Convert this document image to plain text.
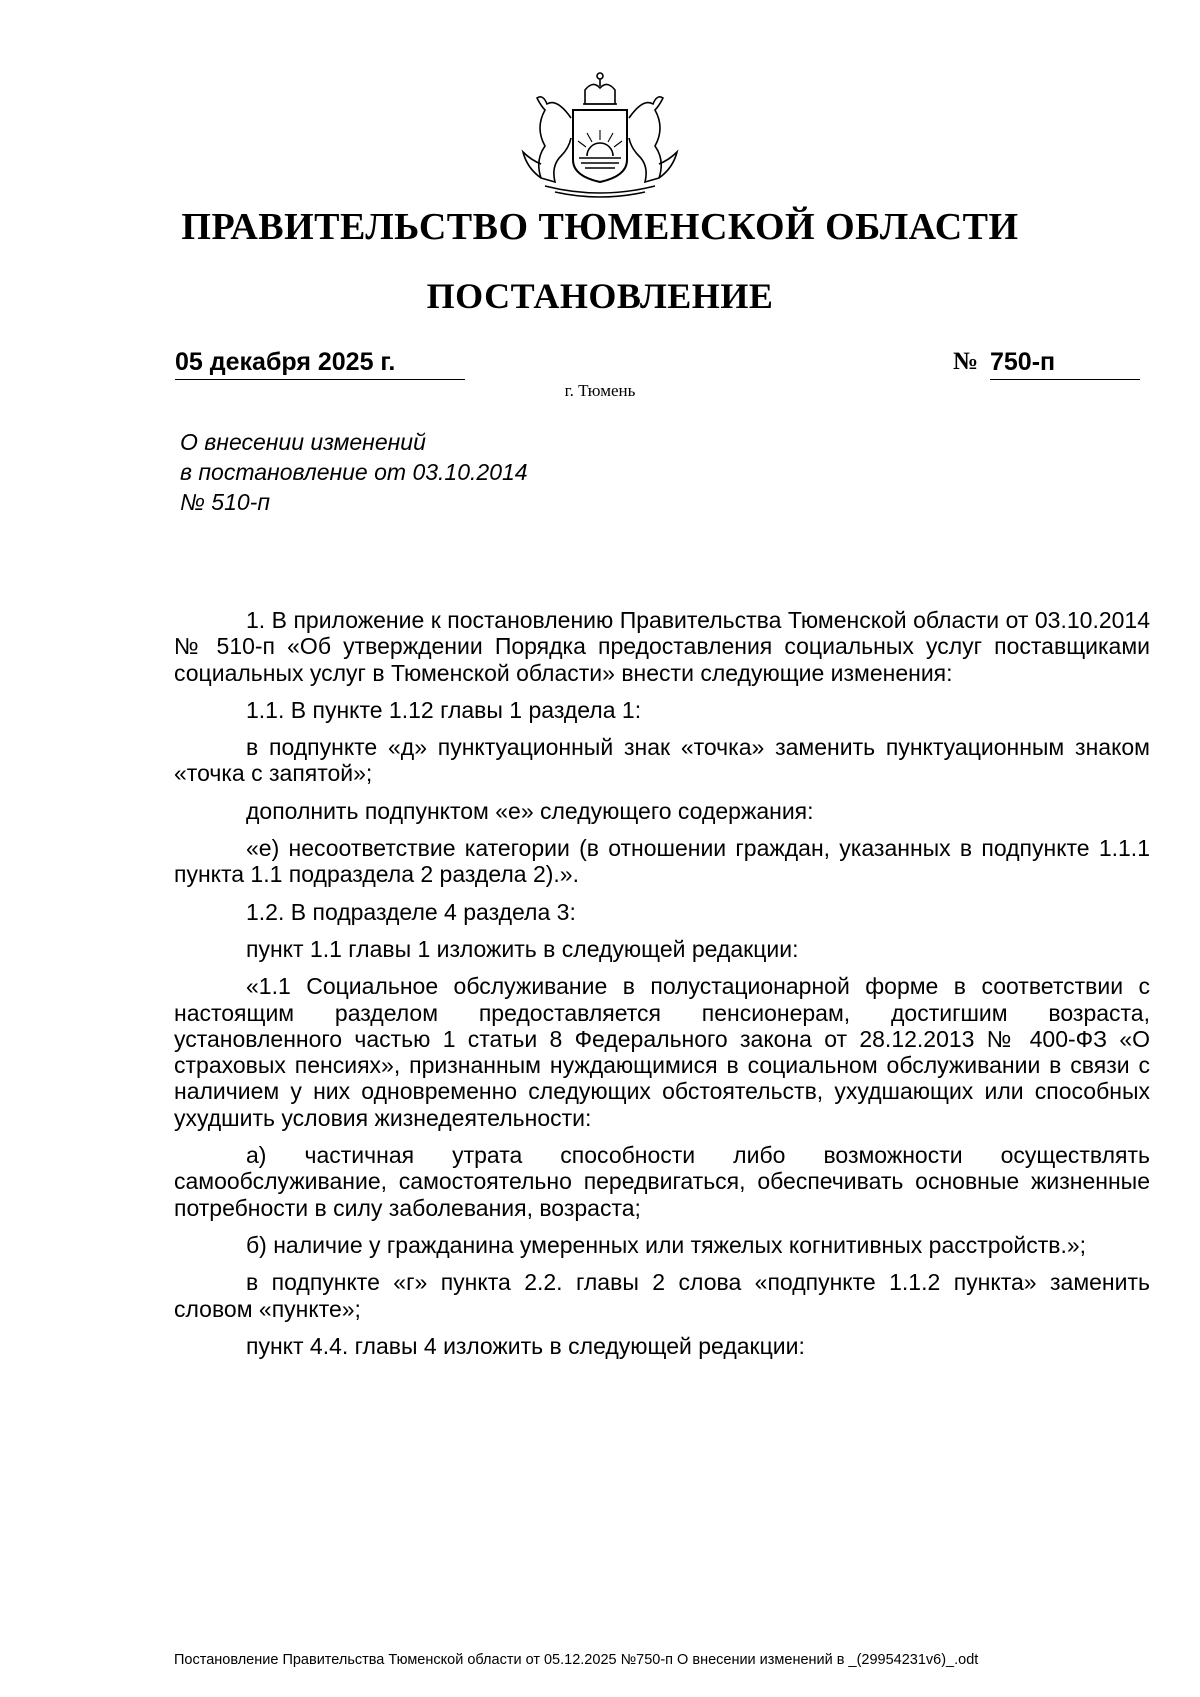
ПРАВИТЕЛЬСТВО ТЮМЕНСКОЙ ОБЛАСТИ
ПОСТАНОВЛЕНИЕ
05 декабря 2025 г.	№ 750-п
г. Тюмень
О внесении изменений
в постановление от 03.10.2014
№ 510-п

1. В приложение к постановлению Правительства Тюменской области от 03.10.2014 № 510-п «Об утверждении Порядка предоставления социальных услуг поставщиками социальных услуг в Тюменской области» внести следующие изменения:

1.1. В пункте 1.12 главы 1 раздела 1:

в подпункте «д» пунктуационный знак «точка» заменить пунктуационным знаком «точка с запятой»;

дополнить подпунктом «е» следующего содержания:

«е) несоответствие категории (в отношении граждан, указанных в подпункте 1.1.1 пункта 1.1 подраздела 2 раздела 2).».

1.2. В подразделе 4 раздела 3:

пункт 1.1 главы 1 изложить в следующей редакции:

«1.1 Социальное обслуживание в полустационарной форме в соответствии с настоящим разделом предоставляется пенсионерам, достигшим возраста, установленного частью 1 статьи 8 Федерального закона от 28.12.2013 № 400-ФЗ «О страховых пенсиях», признанным нуждающимися в социальном обслуживании в связи с наличием у них одновременно следующих обстоятельств, ухудшающих или способных ухудшить условия жизнедеятельности:

а) частичная утрата способности либо возможности осуществлять самообслуживание, самостоятельно передвигаться, обеспечивать основные жизненные потребности в силу заболевания, возраста;

б) наличие у гражданина умеренных или тяжелых когнитивных расстройств.»;

в подпункте «г» пункта 2.2. главы 2 слова «подпункте 1.1.2 пункта» заменить словом «пункте»;

пункт 4.4. главы 4 изложить в следующей редакции:

Постановление Правительства Тюменской области от 05.12.2025 №750-п О внесении изменений в _(29954231v6)_.odt
